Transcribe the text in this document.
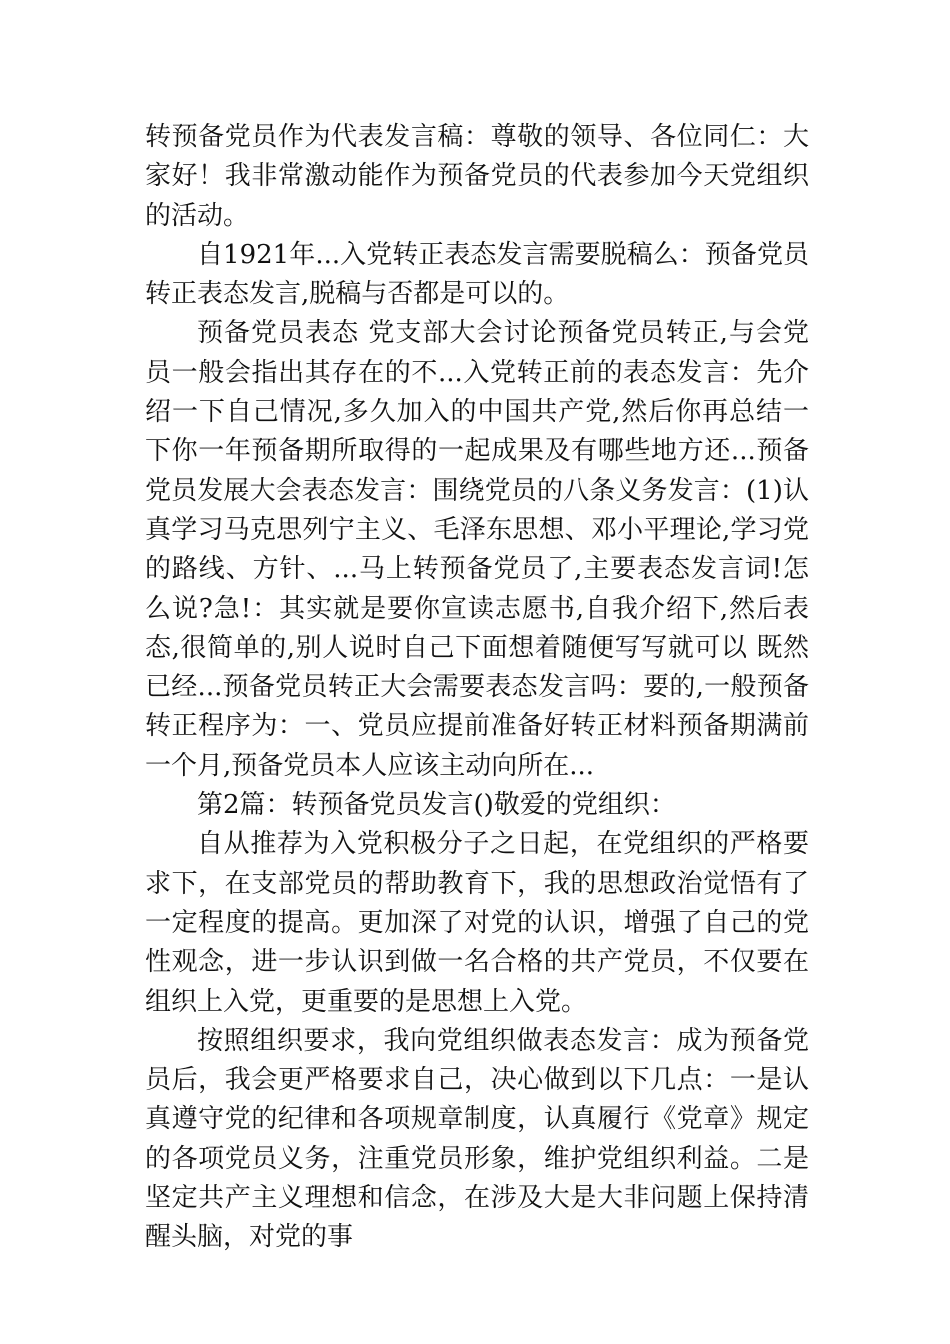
转预备党员作为代表发言稿：尊敬的领导、各位同仁：大家好！我非常激动能作为预备党员的代表参加今天党组织的活动。

自1921年...入党转正表态发言需要脱稿么：预备党员转正表态发言,脱稿与否都是可以的。

预备党员表态 党支部大会讨论预备党员转正,与会党员一般会指出其存在的不...入党转正前的表态发言：先介绍一下自己情况,多久加入的中国共产党,然后你再总结一下你一年预备期所取得的一起成果及有哪些地方还...预备党员发展大会表态发言：围绕党员的八条义务发言：(1)认真学习马克思列宁主义、毛泽东思想、邓小平理论,学习党的路线、方针、...马上转预备党员了,主要表态发言词!怎么说?急!：其实就是要你宣读志愿书,自我介绍下,然后表态,很简单的,别人说时自己下面想着随便写写就可以 既然已经...预备党员转正大会需要表态发言吗：要的,一般预备转正程序为：一、党员应提前准备好转正材料预备期满前一个月,预备党员本人应该主动向所在...

第2篇：转预备党员发言()敬爱的党组织：

自从推荐为入党积极分子之日起，在党组织的严格要求下，在支部党员的帮助教育下，我的思想政治觉悟有了一定程度的提高。更加深了对党的认识，增强了自己的党性观念，进一步认识到做一名合格的共产党员，不仅要在组织上入党，更重要的是思想上入党。

按照组织要求，我向党组织做表态发言：成为预备党员后，我会更严格要求自己，决心做到以下几点：一是认真遵守党的纪律和各项规章制度，认真履行《党章》规定的各项党员义务，注重党员形象，维护党组织利益。二是坚定共产主义理想和信念，在涉及大是大非问题上保持清醒头脑，对党的事
